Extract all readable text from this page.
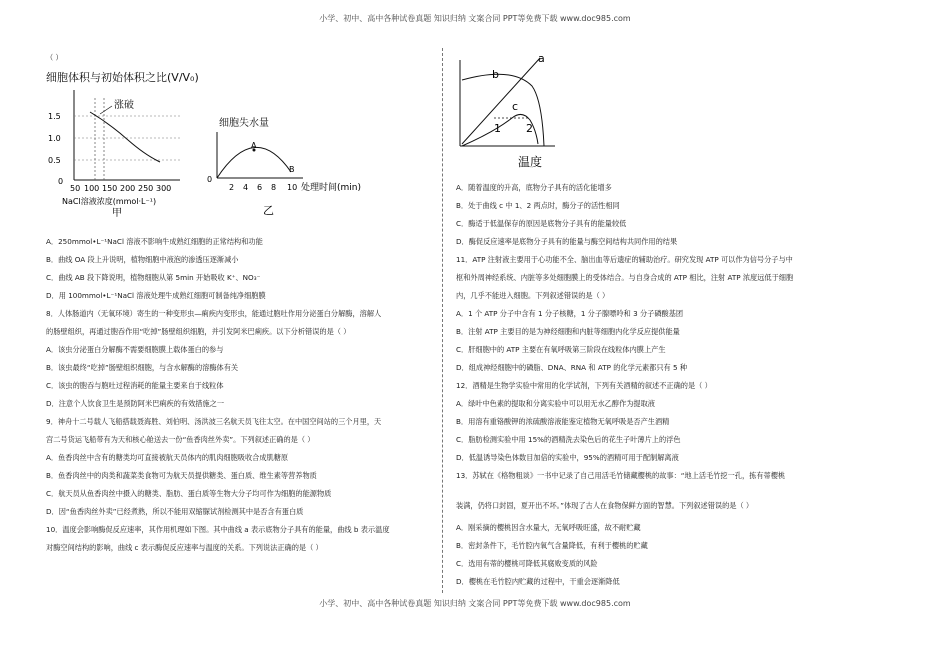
小学、初中、高中各种试卷真题 知识归纳 文案合同 PPT等免费下载 www.doc985.com
（ ）
细胞体积与初始体积之比(V/V₀)
涨破
1.5
1.0
0.5
0
50 100 150 200 250 300
NaCl溶液浓度(mmol·L⁻¹)
甲
细胞失水量
A
B
0
2 4 6 8 10 处理时间(min)
乙
A．250mmol•L⁻¹NaCl 溶液不影响牛成熟红细胞的正常结构和功能
B．曲线 OA 段上升说明，植物细胞中液泡的渗透压逐渐减小
C．曲线 AB 段下降说明，植物细胞从第 5min 开始吸收 K⁺、NO₃⁻
D．用 100mmol•L⁻¹NaCl 溶液处理牛成熟红细胞可制备纯净细胞膜
8．人体肠道内（无氧环境）寄生的一种变形虫—痢疾内变形虫，能通过胞吐作用分泌蛋白分解酶，溶解人
的肠壁组织，再通过胞吞作用“吃掉”肠壁组织细胞，并引发阿米巴痢疾。以下分析错误的是（ ）
A．该虫分泌蛋白分解酶不需要细胞膜上载体蛋白的参与
B．该虫最终“吃掉”肠壁组织细胞，与含水解酶的溶酶体有关
C．该虫的胞吞与胞吐过程消耗的能量主要来自于线粒体
D．注意个人饮食卫生是预防阿米巴痢疾的有效措施之一
9．神舟十二号载人飞船搭载聂海胜、刘伯明、汤洪波三名航天员飞往太空。在中国空间站的三个月里，天
宫二号货运飞船带有为天和核心舱送去一份“鱼香肉丝外卖”。下列叙述正确的是（ ）
A．鱼香肉丝中含有的糖类均可直接被航天员体内的肌肉细胞吸收合成肌糖原
B．鱼香肉丝中的肉类和蔬菜类食物可为航天员提供糖类、蛋白质、维生素等营养物质
C．航天员从鱼香肉丝中摄入的糖类、脂肪、蛋白质等生物大分子均可作为细胞的能源物质
D．因“鱼香肉丝外卖”已经煮熟，所以不能用双缩脲试剂检测其中是否含有蛋白质
10．温度会影响酶促反应速率，其作用机理如下图。其中曲线 a 表示底物分子具有的能量，曲线 b 表示温度
对酶空间结构的影响，曲线 c 表示酶促反应速率与温度的关系。下列说法正确的是（ ）
a
b
c
1 2
温度
A．随着温度的升高，底物分子具有的活化能增多
B．处于曲线 c 中 1、2 两点时，酶分子的活性相同
C．酶适于低温保存的原因是底物分子具有的能量较低
D．酶促反应速率是底物分子具有的能量与酶空间结构共同作用的结果
11．ATP 注射液主要用于心功能不全、脑出血等后遗症的辅助治疗。研究发现 ATP 可以作为信号分子与中
枢和外周神经系统、内脏等多处细胞膜上的受体结合。与自身合成的 ATP 相比，注射 ATP 浓度远低于细胞
内，几乎不能进入细胞。下列叙述错误的是（ ）
A．1 个 ATP 分子中含有 1 分子核糖，1 分子腺嘌呤和 3 分子磷酸基团
B．注射 ATP 主要目的是为神经细胞和内脏等细胞内化学反应提供能量
C．肝细胞中的 ATP 主要在有氧呼吸第三阶段在线粒体内膜上产生
D．组成神经细胞中的磷脂、DNA、RNA 和 ATP 的化学元素都只有 5 种
12．酒精是生物学实验中常用的化学试剂，下列有关酒精的叙述不正确的是（ ）
A．绿叶中色素的提取和分离实验中可以用无水乙醇作为提取液
B．用溶有重铬酸钾的浓硫酸溶液能鉴定植物无氧呼吸是否产生酒精
C．脂肪检测实验中用 15%的酒精洗去染色后的花生子叶薄片上的浮色
D．低温诱导染色体数目加倍的实验中，95%的酒精可用于配制解离液
13．苏轼在《格物粗谈》一书中记录了自己用活毛竹储藏樱桃的故事：“地上活毛竹挖一孔，拣有蒂樱桃
装满，仍将口封固，夏开出不坏。”体现了古人在食物保鲜方面的智慧。下列叙述错误的是（ ）
A．刚采摘的樱桃因含水量大，无氧呼吸旺盛，故不耐贮藏
B．密封条件下，毛竹腔内氧气含量降低，有利于樱桃的贮藏
C．选用有蒂的樱桃可降低其腐败变质的风险
D．樱桃在毛竹腔内贮藏的过程中，干重会逐渐降低
小学、初中、高中各种试卷真题 知识归纳 文案合同 PPT等免费下载 www.doc985.com
